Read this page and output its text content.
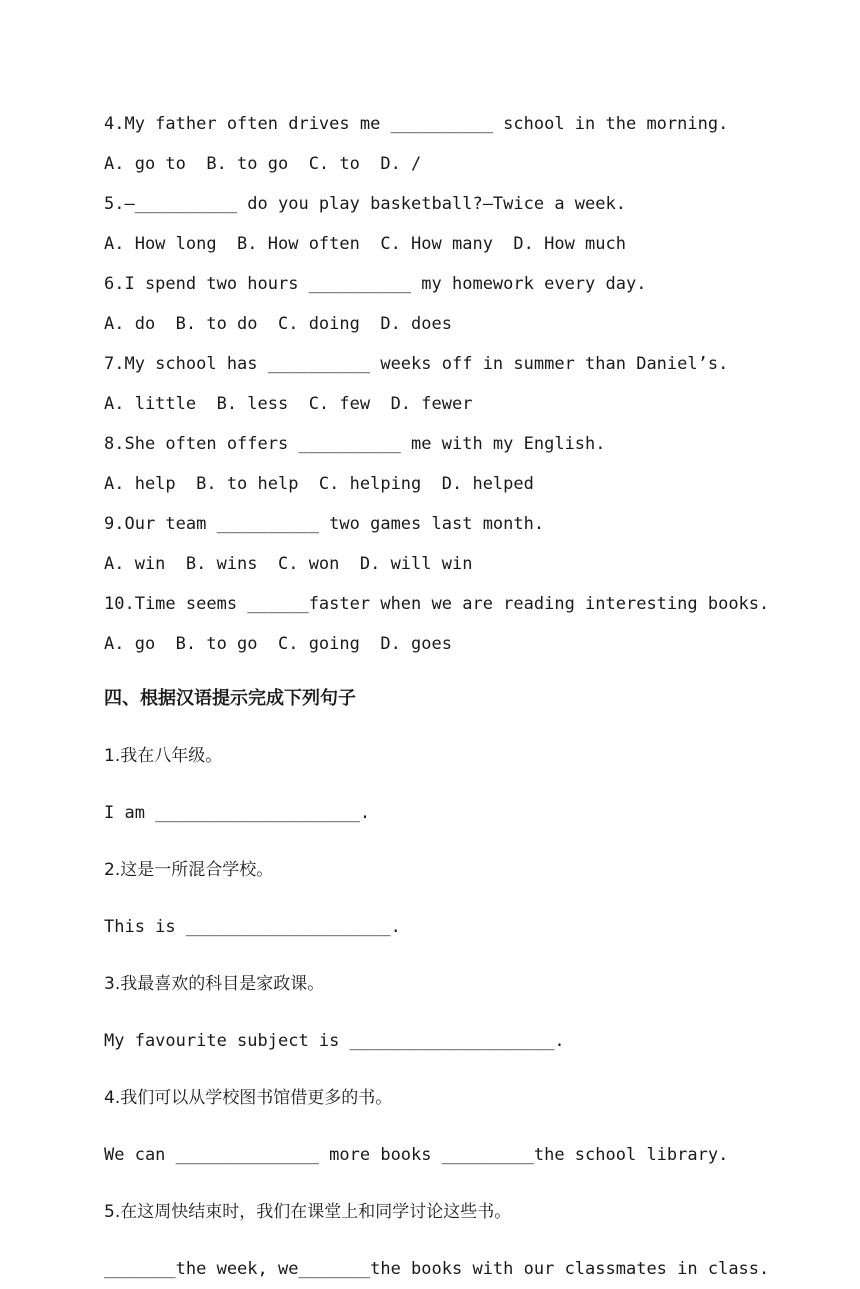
4.My father often drives me __________ school in the morning.

A. go to  B. to go  C. to  D. /

5.—__________ do you play basketball?—Twice a week.

A. How long  B. How often  C. How many  D. How much

6.I spend two hours __________ my homework every day.

A. do  B. to do  C. doing  D. does

7.My school has __________ weeks off in summer than Daniel’s.

A. little  B. less  C. few  D. fewer

8.She often offers __________ me with my English.

A. help  B. to help  C. helping  D. helped

9.Our team __________ two games last month.

A. win  B. wins  C. won  D. will win

10.Time seems ______faster when we are reading interesting books.

A. go  B. to go  C. going  D. goes

四、根据汉语提示完成下列句子

1.我在八年级。

I am ____________________.

2.这是一所混合学校。

This is ____________________.

3.我最喜欢的科目是家政课。

My favourite subject is ____________________.

4.我们可以从学校图书馆借更多的书。

We can ______________ more books _________the school library.

5.在这周快结束时，我们在课堂上和同学讨论这些书。

_______the week, we_______the books with our classmates in class.
